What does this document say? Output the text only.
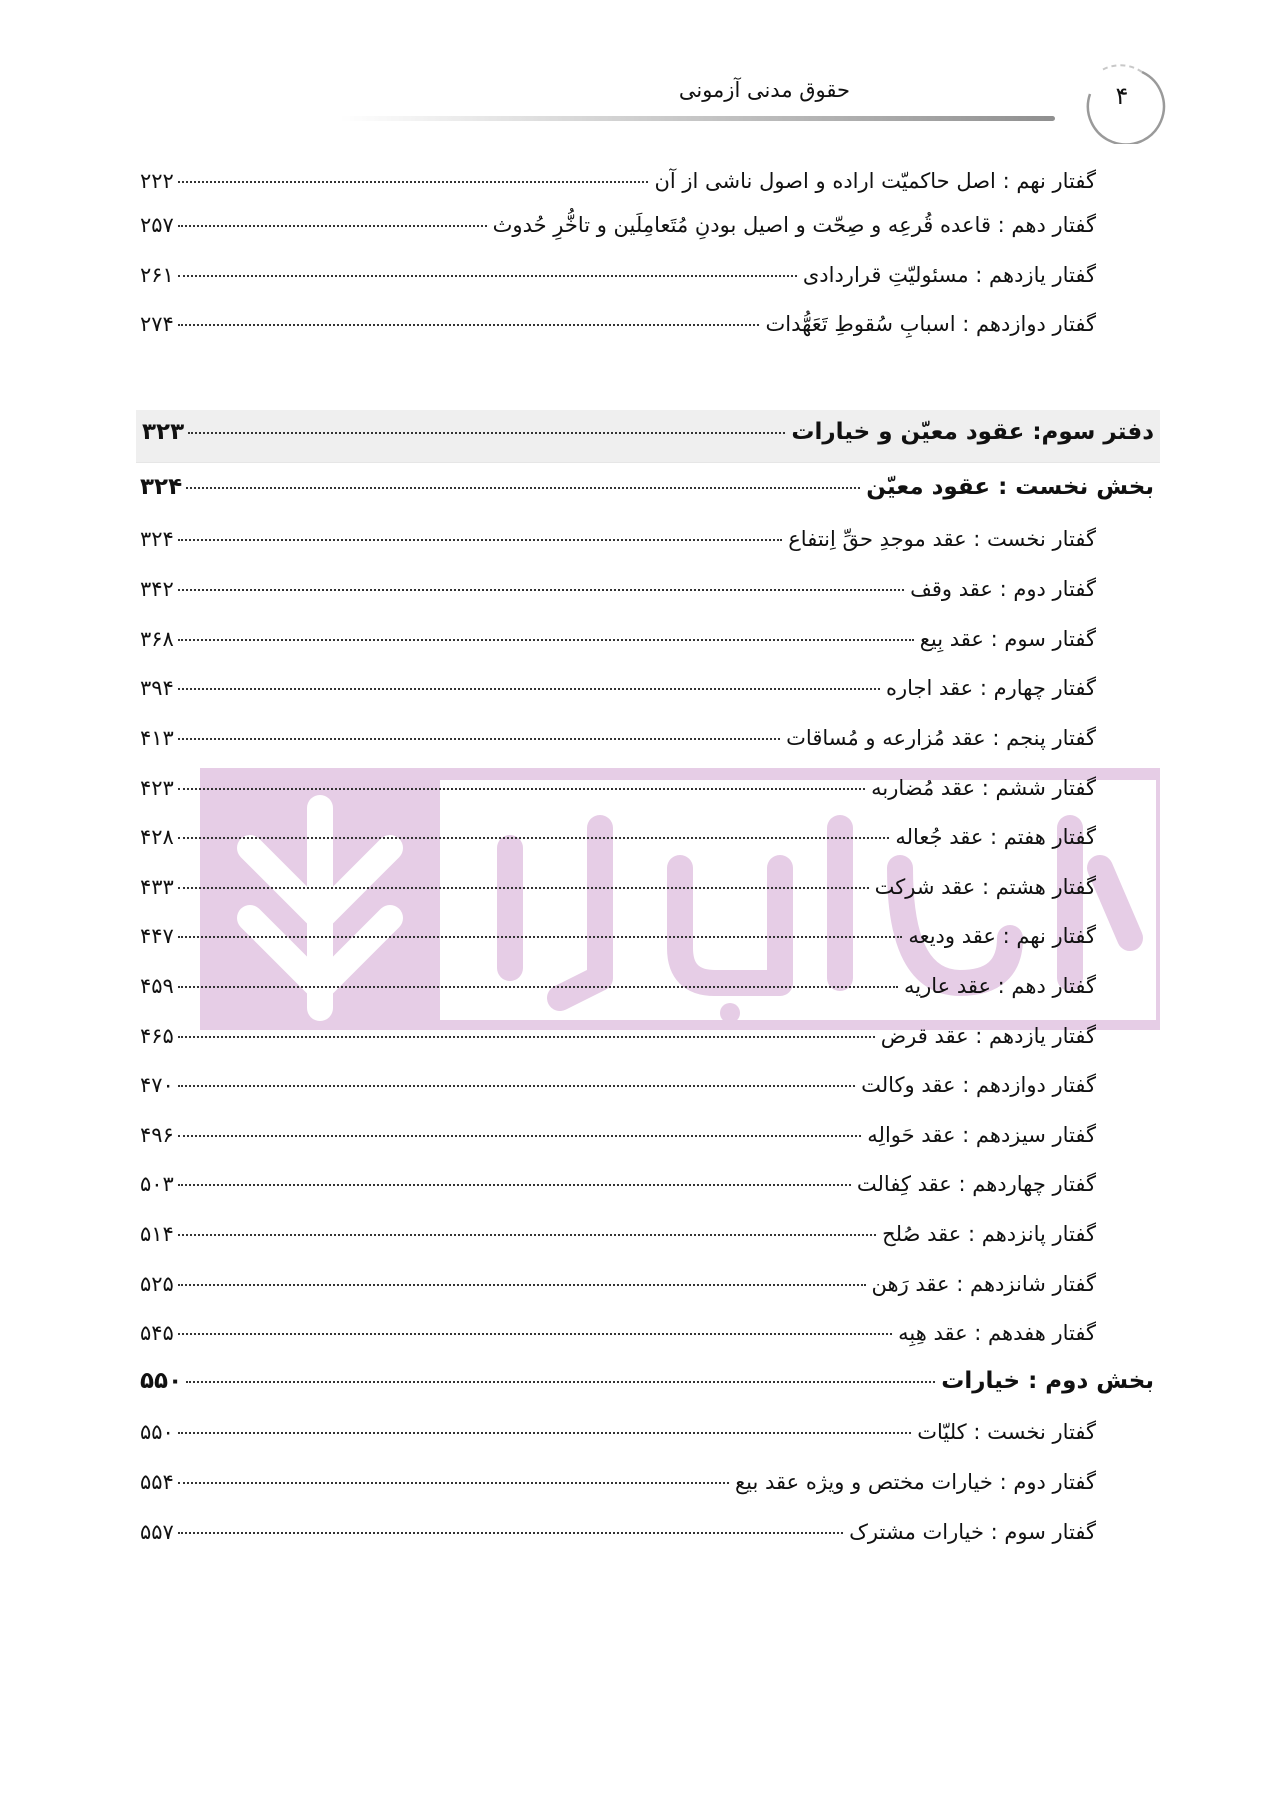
حقوق مدنی آزمونی	۴
گفتار نهم : اصل حاکمیّت اراده و اصول ناشی از آن
۲۲۲
گفتار دهم : قاعده قُرعِه و صِحّت و اصیل بودنِ مُتَعامِلَین و تاخُّرِ حُدوث
۲۵۷
گفتار یازدهم : مسئولیّتِ قراردادی
۲۶۱
گفتار دوازدهم : اسبابِ سُقوطِ تَعَهُّدات
۲۷۴
دفتر سوم: عقود معیّن و خیارات
۳۲۳
بخش نخست : عقود معیّن
۳۲۴
گفتار نخست : عقد موجدِ حقِّ اِنتفاع
۳۲۴
گفتار دوم : عقد وقف
۳۴۲
گفتار سوم : عقد بِیع
۳۶۸
گفتار چهارم : عقد اجاره
۳۹۴
گفتار پنجم : عقد مُزارعه و مُساقات
۴۱۳
گفتار ششم : عقد مُضاربه
۴۲۳
گفتار هفتم : عقد جُعاله
۴۲۸
گفتار هشتم : عقد شرکت
۴۳۳
گفتار نهم : عقد ودیعه
۴۴۷
گفتار دهم : عقد عاریه
۴۵۹
گفتار یازدهم : عقد قرض
۴۶۵
گفتار دوازدهم : عقد وکالت
۴۷۰
گفتار سیزدهم : عقد حَوالِه
۴۹۶
گفتار چهاردهم : عقد کِفالت
۵۰۳
گفتار پانزدهم : عقد صُلح
۵۱۴
گفتار شانزدهم : عقد رَهن
۵۲۵
گفتار هفدهم : عقد هِبِه
۵۴۵
بخش دوم : خیارات
۵۵۰
گفتار نخست : کلیّات
۵۵۰
گفتار دوم : خیارات مختص و ویژه عقد بیع
۵۵۴
گفتار سوم : خیارات مشترک
۵۵۷
